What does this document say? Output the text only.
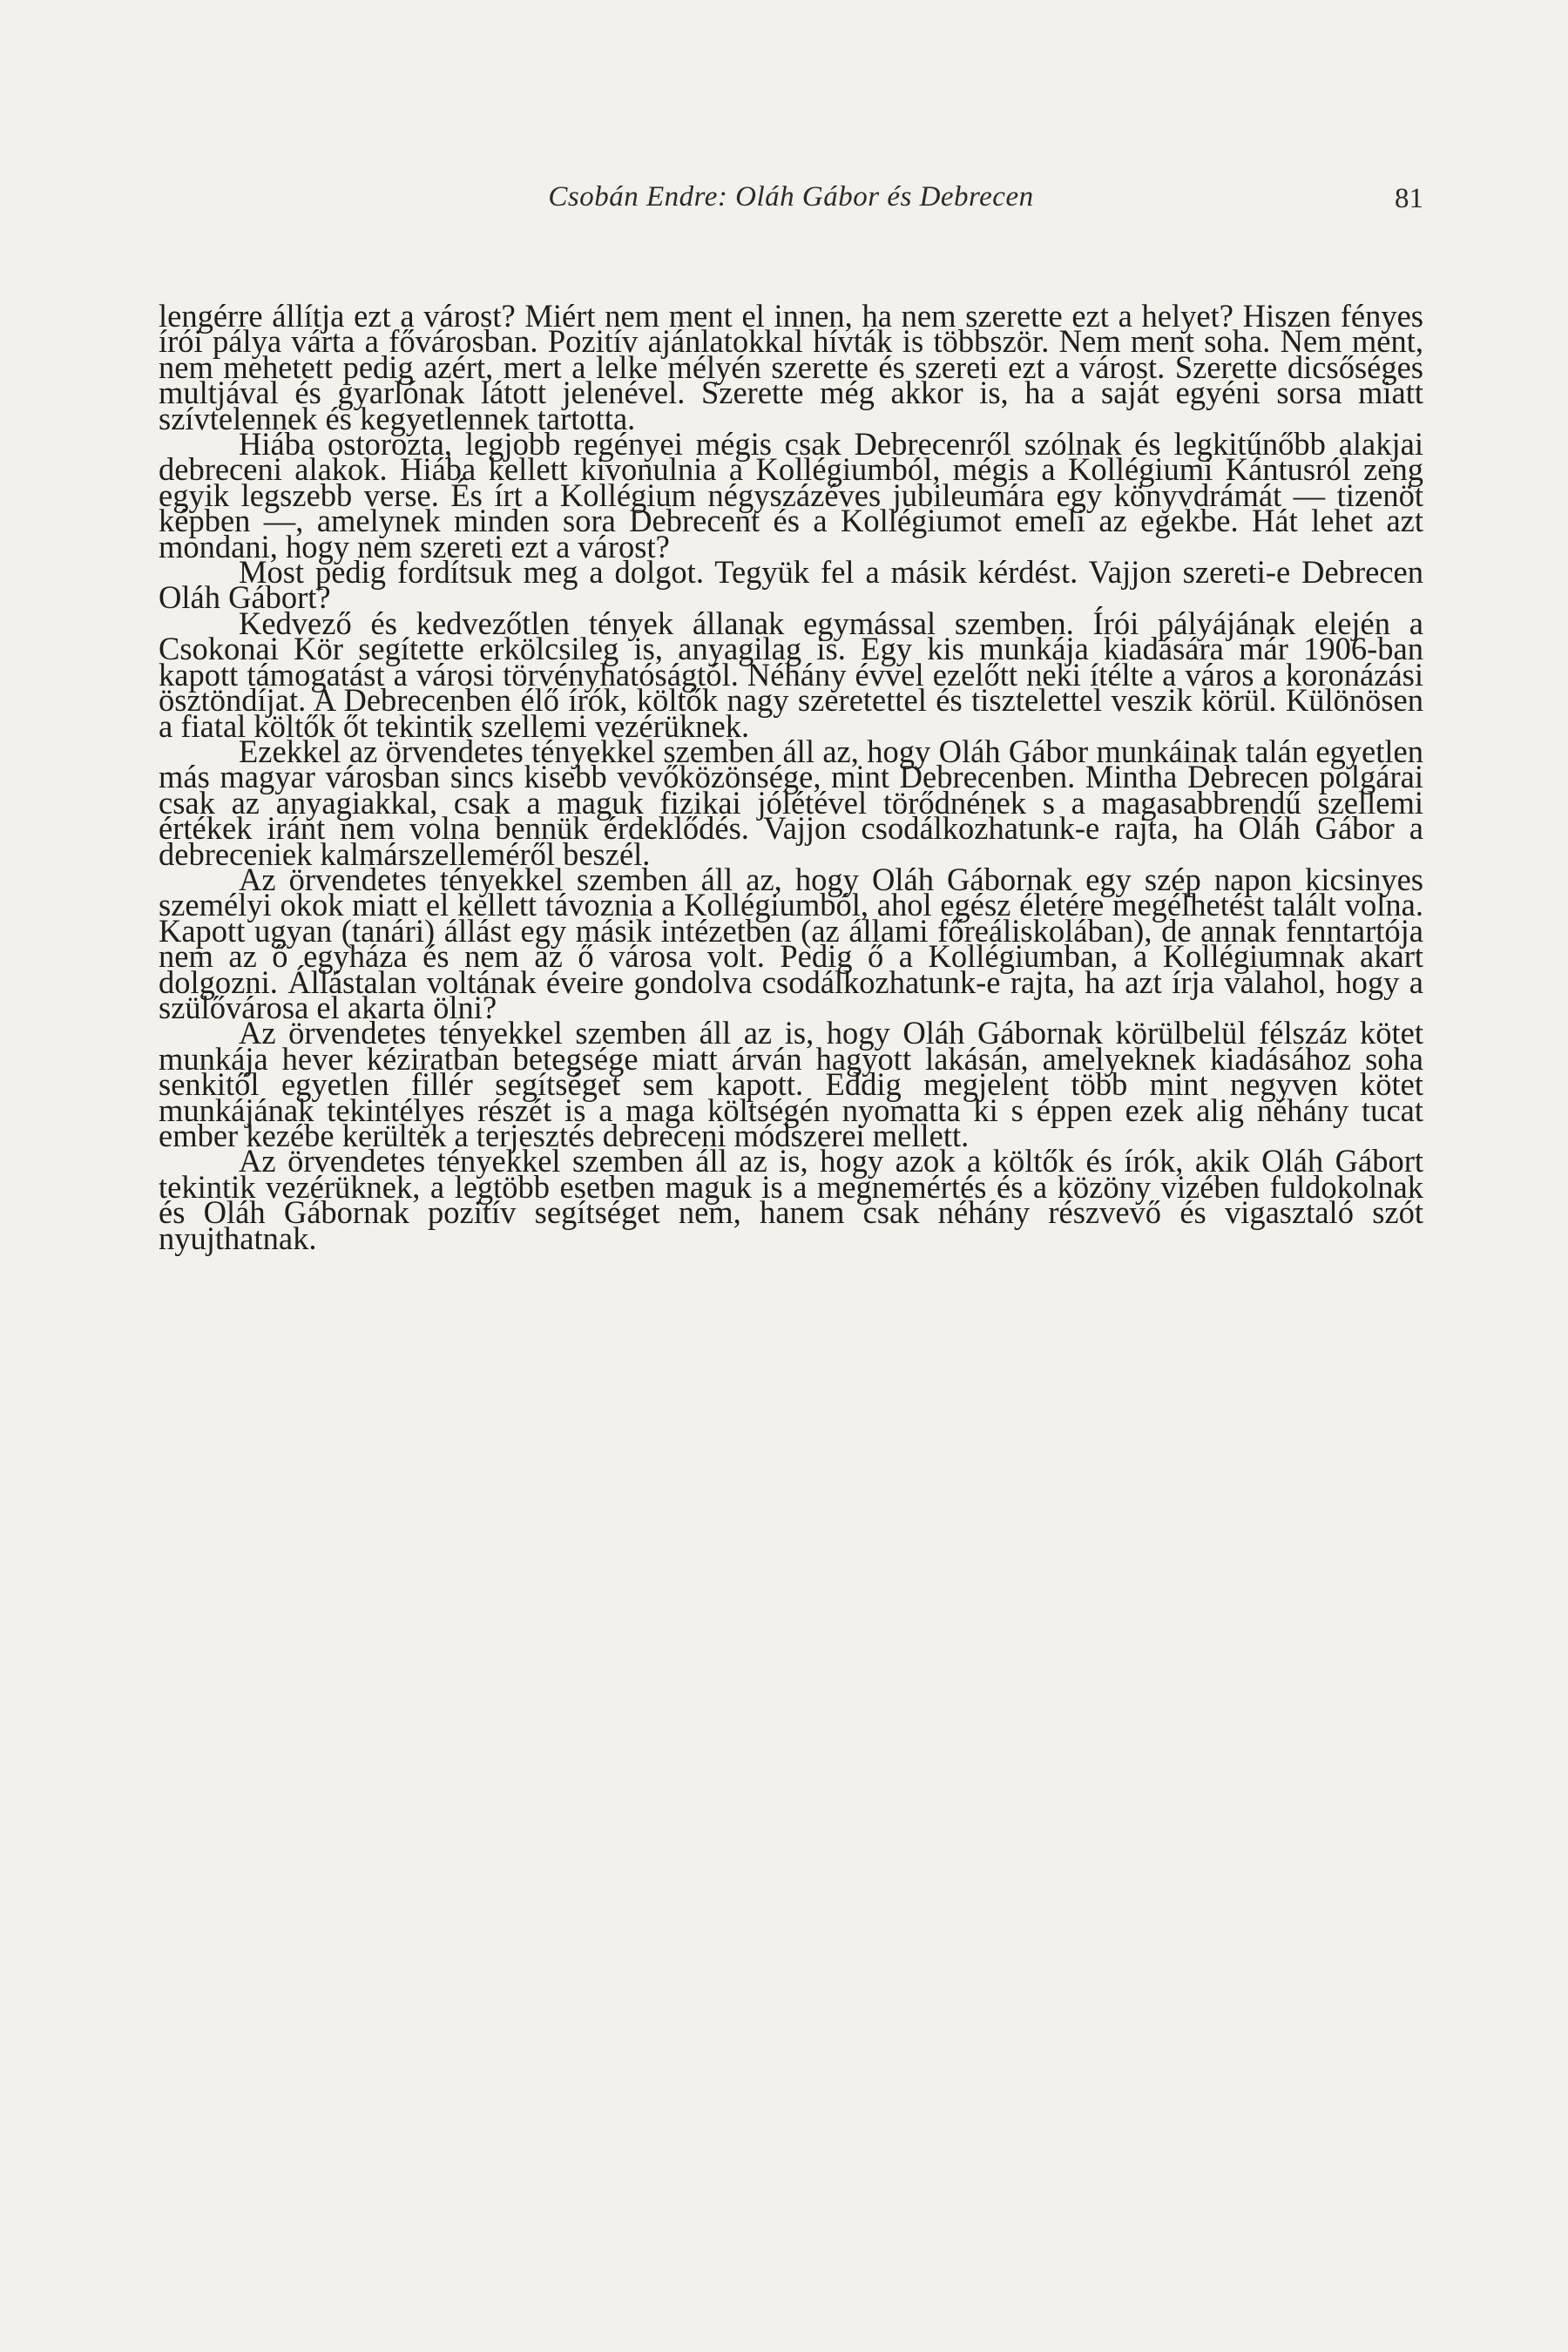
Csobán Endre: Oláh Gábor és Debrecen	81

lengérre állítja ezt a várost? Miért nem ment el innen, ha nem szerette ezt a helyet? Hiszen fényes írói pálya várta a fővárosban. Pozitív ajánlatokkal hívták is többször. Nem ment soha. Nem ment, nem mehetett pedig azért, mert a lelke mélyén szerette és szereti ezt a várost. Szerette dicsőséges multjával és gyarlónak látott jelenével. Szerette még akkor is, ha a saját egyéni sorsa miatt szívtelennek és kegyetlennek tartotta.

Hiába ostorozta, legjobb regényei mégis csak Debrecenről szólnak és legkitűnőbb alakjai debreceni alakok. Hiába kellett kivonulnia a Kollégiumból, mégis a Kollégiumi Kántusról zeng egyik legszebb verse. És írt a Kollégium négyszázéves jubileumára egy könyvdrámát — tizenöt képben —, amelynek minden sora Debrecent és a Kollégiumot emeli az egekbe. Hát lehet azt mondani, hogy nem szereti ezt a várost?

Most pedig fordítsuk meg a dolgot. Tegyük fel a másik kérdést. Vajjon szereti-e Debrecen Oláh Gábort?

Kedvező és kedvezőtlen tények állanak egymással szemben. Írói pályájának elején a Csokonai Kör segítette erkölcsileg is, anyagilag is. Egy kis munkája kiadására már 1906-ban kapott támogatást a városi törvényhatóságtól. Néhány évvel ezelőtt neki ítélte a város a koronázási ösztöndíjat. A Debrecenben élő írók, költők nagy szeretettel és tisztelettel veszik körül. Különösen a fiatal költők őt tekintik szellemi vezérüknek.

Ezekkel az örvendetes tényekkel szemben áll az, hogy Oláh Gábor munkáinak talán egyetlen más magyar városban sincs kisebb vevőközönsége, mint Debrecenben. Mintha Debrecen polgárai csak az anyagiakkal, csak a maguk fizikai jólétével törődnének s a magasabbrendű szellemi értékek iránt nem volna bennük érdeklődés. Vajjon csodálkozhatunk-e rajta, ha Oláh Gábor a debreceniek kalmárszelleméről beszél.

Az örvendetes tényekkel szemben áll az, hogy Oláh Gábornak egy szép napon kicsinyes személyi okok miatt el kellett távoznia a Kollégiumból, ahol egész életére megélhetést talált volna. Kapott ugyan (tanári) állást egy másik intézetben (az állami főreáliskolában), de annak fenntartója nem az ő egyháza és nem az ő városa volt. Pedig ő a Kollégiumban, a Kollégiumnak akart dolgozni. Állástalan voltának éveire gondolva csodálkozhatunk-e rajta, ha azt írja valahol, hogy a szülővárosa el akarta ölni?

Az örvendetes tényekkel szemben áll az is, hogy Oláh Gábornak körülbelül félszáz kötet munkája hever kéziratban betegsége miatt árván hagyott lakásán, amelyeknek kiadásához soha senkitől egyetlen fillér segítséget sem kapott. Eddig megjelent több mint negyven kötet munkájának tekintélyes részét is a maga költségén nyomatta ki s éppen ezek alig néhány tucat ember kezébe kerültek a terjesztés debreceni módszerei mellett.

Az örvendetes tényekkel szemben áll az is, hogy azok a költők és írók, akik Oláh Gábort tekintik vezérüknek, a legtöbb esetben maguk is a megnemértés és a közöny vizében fuldokolnak és Oláh Gábornak pozitív segítséget nem, hanem csak néhány részvevő és vigasztaló szót nyujthatnak.
